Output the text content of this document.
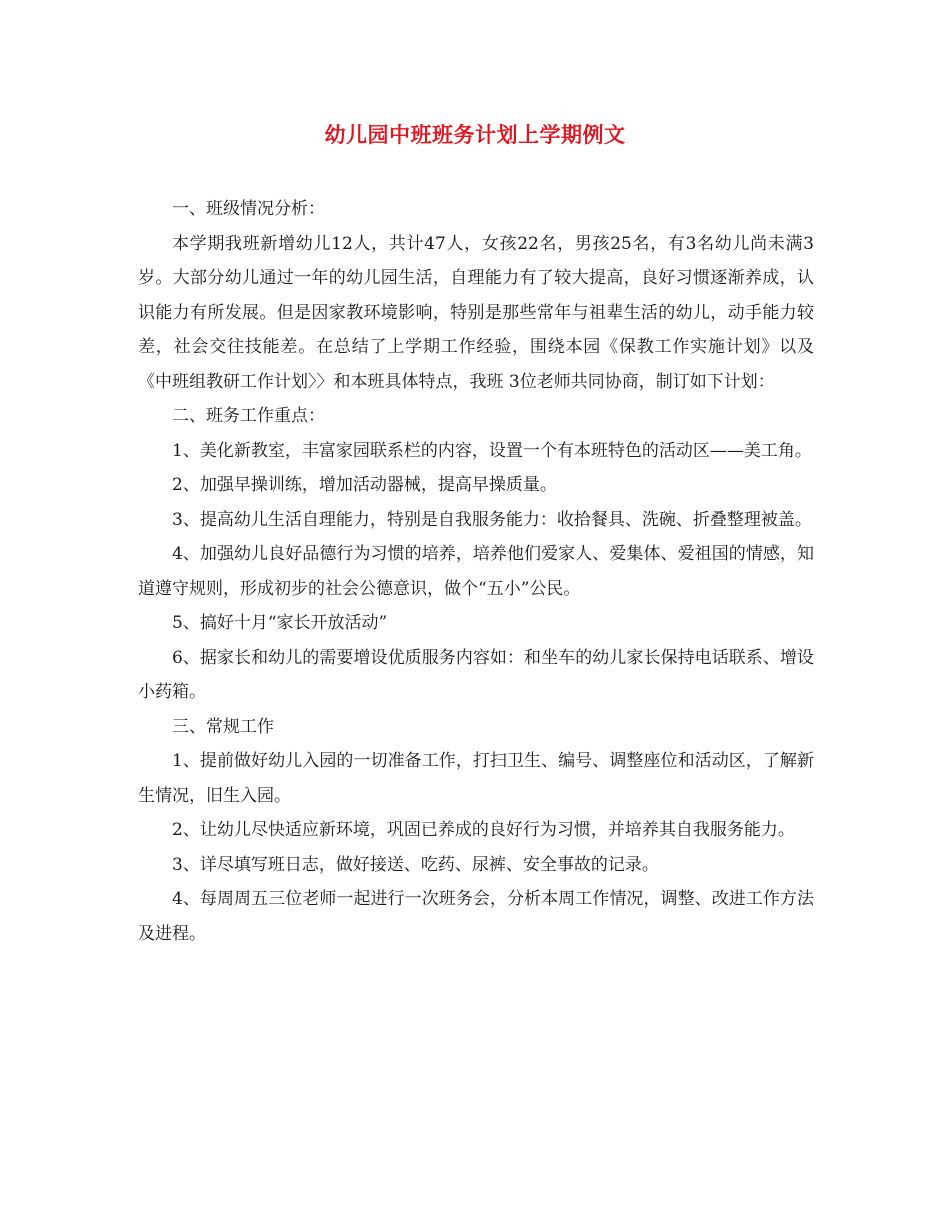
幼儿园中班班务计划上学期例文

一、班级情况分析：

本学期我班新增幼儿12人，共计47人，女孩22名，男孩25名，有3名幼儿尚未满3岁。大部分幼儿通过一年的幼儿园生活，自理能力有了较大提高，良好习惯逐渐养成，认识能力有所发展。但是因家教环境影响，特别是那些常年与祖辈生活的幼儿，动手能力较差，社会交往技能差。在总结了上学期工作经验，围绕本园《保教工作实施计划》以及《中班组教研工作计划〉〉和本班具体特点，我班 3位老师共同协商，制订如下计划：

二、班务工作重点：

1、美化新教室，丰富家园联系栏的内容，设置一个有本班特色的活动区——美工角。

2、加强早操训练，增加活动器械，提高早操质量。

3、提高幼儿生活自理能力，特别是自我服务能力：收拾餐具、洗碗、折叠整理被盖。

4、加强幼儿良好品德行为习惯的培养，培养他们爱家人、爱集体、爱祖国的情感，知道遵守规则，形成初步的社会公德意识，做个“五小”公民。

5、搞好十月“家长开放活动”

6、据家长和幼儿的需要增设优质服务内容如：和坐车的幼儿家长保持电话联系、增设小药箱。

三、常规工作

1、提前做好幼儿入园的一切准备工作，打扫卫生、编号、调整座位和活动区，了解新生情况，旧生入园。

2、让幼儿尽快适应新环境，巩固已养成的良好行为习惯，并培养其自我服务能力。

3、详尽填写班日志，做好接送、吃药、尿裤、安全事故的记录。

4、每周周五三位老师一起进行一次班务会，分析本周工作情况，调整、改进工作方法及进程。
